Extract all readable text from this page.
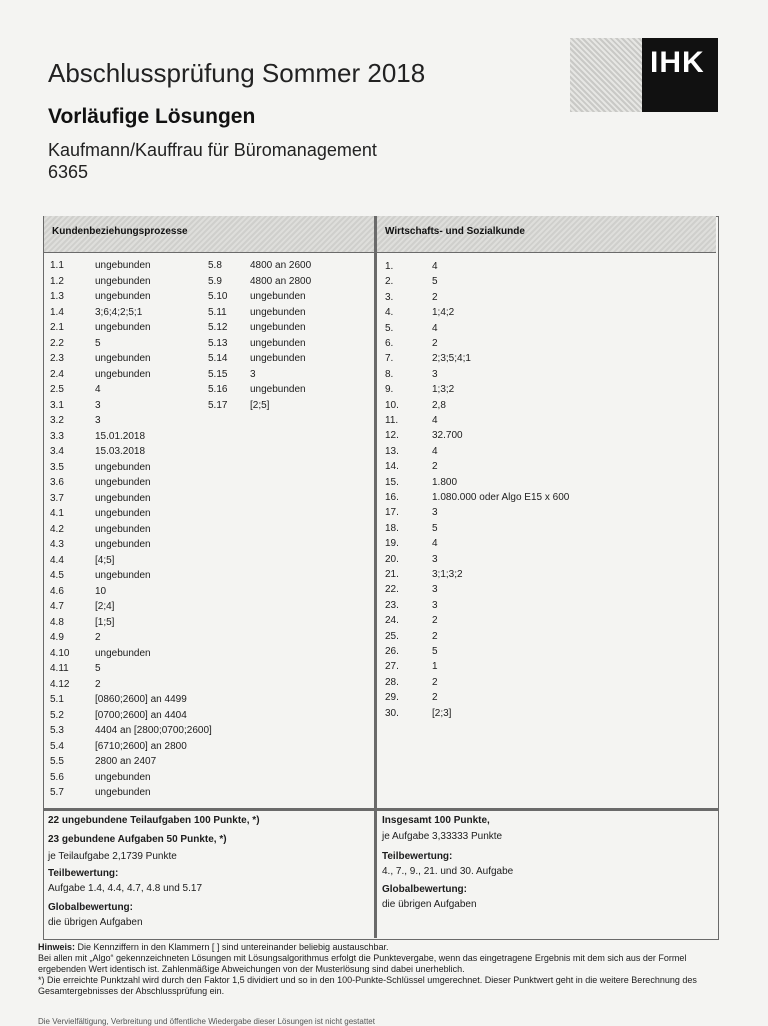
Abschlussprüfung Sommer 2018
Vorläufige Lösungen
Kaufmann/Kauffrau für Büromanagement
6365
IHK
Kundenbeziehungsprozesse	Wirtschafts- und Sozialkunde
1.1	ungebunden
1.2	ungebunden
1.3	ungebunden
1.4	3;6;4;2;5;1
2.1	ungebunden
2.2	5
2.3	ungebunden
2.4	ungebunden
2.5	4
3.1	3
3.2	3
3.3	15.01.2018
3.4	15.03.2018
3.5	ungebunden
3.6	ungebunden
3.7	ungebunden
4.1	ungebunden
4.2	ungebunden
4.3	ungebunden
4.4	[4;5]
4.5	ungebunden
4.6	10
4.7	[2;4]
4.8	[1;5]
4.9	2
4.10	ungebunden
4.11	5
4.12	2
5.1	[0860;2600] an 4499
5.2	[0700;2600] an 4404
5.3	4404 an [2800;0700;2600]
5.4	[6710;2600] an 2800
5.5	2800 an 2407
5.6	ungebunden
5.7	ungebunden
5.8	4800 an 2600
5.9	4800 an 2800
5.10 ungebunden
5.11 ungebunden
5.12 ungebunden
5.13 ungebunden
5.14 ungebunden
5.15 3
5.16 ungebunden
5.17 [2;5]
1.	4
2.	5
3.	2
4.	1;4;2
5.	4
6.	2
7.	2;3;5;4;1
8.	3
9.	1;3;2
10.	2,8
11.	4
12.	32.700
13.	4
14.	2
15.	1.800
16.	1.080.000 oder Algo E15 x 600
17.	3
18.	5
19.	4
20.	3
21.	3;1;3;2
22.	3
23.	3
24.	2
25.	2
26.	5
27.	1
28.	2
29.	2
30.	[2;3]
22 ungebundene Teilaufgaben 100 Punkte, *)
23 gebundene Aufgaben 50 Punkte, *)
je Teilaufgabe 2,1739 Punkte
Teilbewertung:
Aufgabe 1.4, 4.4, 4.7, 4.8 und 5.17
Globalbewertung:
die übrigen Aufgaben
Insgesamt 100 Punkte,
je Aufgabe 3,33333 Punkte
Teilbewertung:
4., 7., 9., 21. und 30. Aufgabe
Globalbewertung:
die übrigen Aufgaben

Hinweis: Die Kennziffern in den Klammern [ ] sind untereinander beliebig austauschbar.

Bei allen mit „Algo“ gekennzeichneten Lösungen mit Lösungsalgorithmus erfolgt die Punktevergabe, wenn das eingetragene Ergebnis mit dem sich aus der Formel ergebenden Wert identisch ist. Zahlenmäßige Abweichungen von der Musterlösung sind dabei unerheblich.

*) Die erreichte Punktzahl wird durch den Faktor 1,5 dividiert und so in den 100-Punkte-Schlüssel umgerechnet. Dieser Punktwert geht in die weitere Berechnung des Gesamtergebnisses der Abschlussprüfung ein.

Die Vervielfältigung, Verbreitung und öffentliche Wiedergabe dieser Lösungen ist nicht gestattet
